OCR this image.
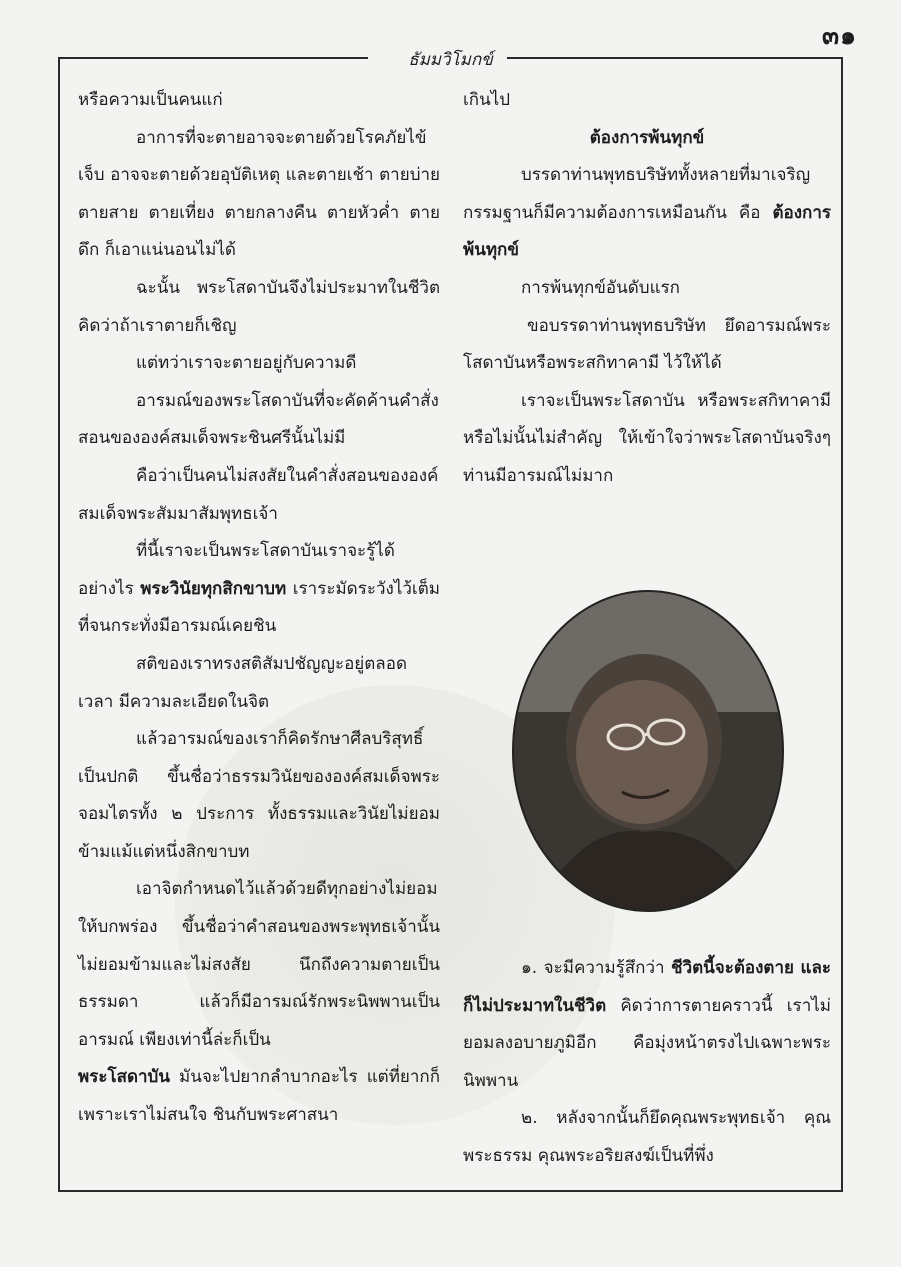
๓๑
ธัมมวิโมกข์

หรือความเป็นคนแก่

อาการที่จะตายอาจจะตายด้วยโรคภัยไข้เจ็บ อาจจะตายด้วยอุบัติเหตุ และตายเช้า ตายบ่าย ตายสาย ตายเที่ยง ตายกลางคืน ตายหัวค่ำ ตายดึก ก็เอาแน่นอนไม่ได้

ฉะนั้น พระโสดาบันจึงไม่ประมาทในชีวิต คิดว่าถ้าเราตายก็เชิญ

แต่ทว่าเราจะตายอยู่กับความดี

อารมณ์ของพระโสดาบันที่จะคัดค้านคำสั่งสอนขององค์สมเด็จพระชินศรีนั้นไม่มี

คือว่าเป็นคนไม่สงสัยในคำสั่งสอนขององค์สมเด็จพระสัมมาสัมพุทธเจ้า

ที่นี้เราจะเป็นพระโสดาบันเราจะรู้ได้อย่างไร พระวินัยทุกสิกขาบท เราระมัดระวังไว้เต็มที่จนกระทั่งมีอารมณ์เคยชิน

สติของเราทรงสติสัมปชัญญะอยู่ตลอดเวลา มีความละเอียดในจิต

แล้วอารมณ์ของเราก็คิดรักษาศีลบริสุทธิ์เป็นปกติ ขึ้นชื่อว่าธรรมวินัยขององค์สมเด็จพระจอมไตรทั้ง ๒ ประการ ทั้งธรรมและวินัยไม่ยอมข้ามแม้แต่หนึ่งสิกขาบท

เอาจิตกำหนดไว้แล้วด้วยดีทุกอย่างไม่ยอมให้บกพร่อง ขึ้นชื่อว่าคำสอนของพระพุทธเจ้านั้น ไม่ยอมข้ามและไม่สงสัย นึกถึงความตายเป็นธรรมดา แล้วก็มีอารมณ์รักพระนิพพานเป็นอารมณ์ เพียงเท่านี้ล่ะก็เป็น

พระโสดาบัน มันจะไปยากลำบากอะไร แต่ที่ยากก็เพราะเราไม่สนใจ ชินกับพระศาสนา

เกินไป

ต้องการพ้นทุกข์

บรรดาท่านพุทธบริษัททั้งหลายที่มาเจริญกรรมฐานก็มีความต้องการเหมือนกัน คือ ต้องการพ้นทุกข์

การพ้นทุกข์อันดับแรก

ขอบรรดาท่านพุทธบริษัท ยึดอารมณ์พระโสดาบันหรือพระสกิทาคามี ไว้ให้ได้

เราจะเป็นพระโสดาบัน หรือพระสกิทาคามี หรือไม่นั้นไม่สำคัญ ให้เข้าใจว่าพระโสดาบันจริงๆ ท่านมีอารมณ์ไม่มาก

๑. จะมีความรู้สึกว่า ชีวิตนี้จะต้องตาย และก็ไม่ประมาทในชีวิต คิดว่าการตายคราวนี้ เราไม่ยอมลงอบายภูมิอีก คือมุ่งหน้าตรงไปเฉพาะพระนิพพาน

๒. หลังจากนั้นก็ยึดคุณพระพุทธเจ้า คุณพระธรรม คุณพระอริยสงฆ์เป็นที่พึ่ง
